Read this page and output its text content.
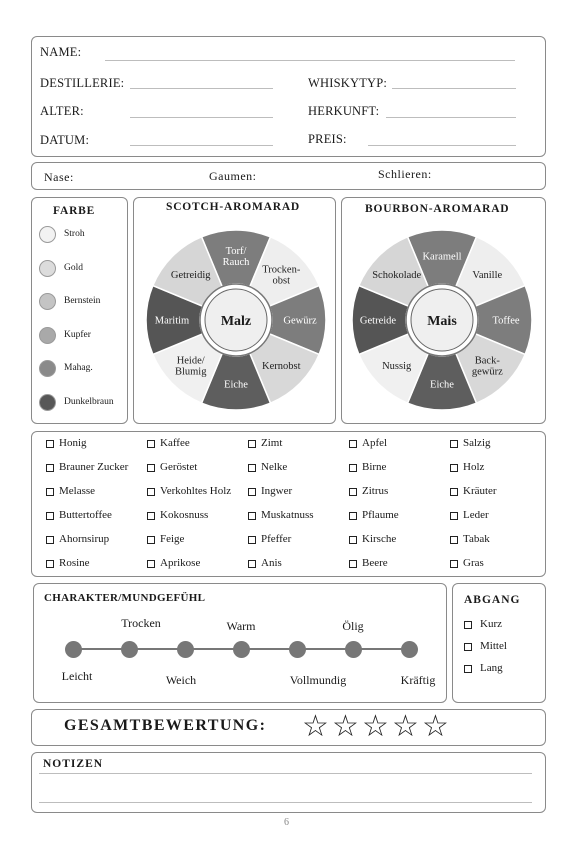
NAME:
DESTILLERIE:	WHISKYTYP:
ALTER:	HERKUNFT:
DATUM:	PREIS:
Nase:	Gaumen:	Schlieren:
FARBE
Stroh
Gold
Bernstein
Kupfer
Mahag.
Dunkelbraun
SCOTCH-AROMARAD
Torf/ Rauch
Trocken-obst
Gewürz
Kernobst
Eiche
Heide/ Blumig
Maritim
Getreidig
Malz
BOURBON-AROMARAD
Karamell
Vanille
Toffee
Back-gewürz
Eiche
Nussig
Getreide
Schokolade
Mais
Honig	Kaffee	Zimt	Apfel	Salzig
Brauner Zucker	Geröstet	Nelke	Birne	Holz
Melasse	Verkohltes Holz	Ingwer	Zitrus	Kräuter
Buttertoffee	Kokosnuss	Muskatnuss	Pflaume	Leder
Ahornsirup	Feige	Pfeffer	Kirsche	Tabak
Rosine	Aprikose	Anis	Beere	Gras
CHARAKTER/MUNDGEFÜHL
Trocken	Warm	Ölig
Leicht	Weich	Vollmundig	Kräftig
ABGANG
Kurz
Mittel
Lang
GESAMTBEWERTUNG: ☆ ☆ ☆ ☆ ☆
NOTIZEN
6
